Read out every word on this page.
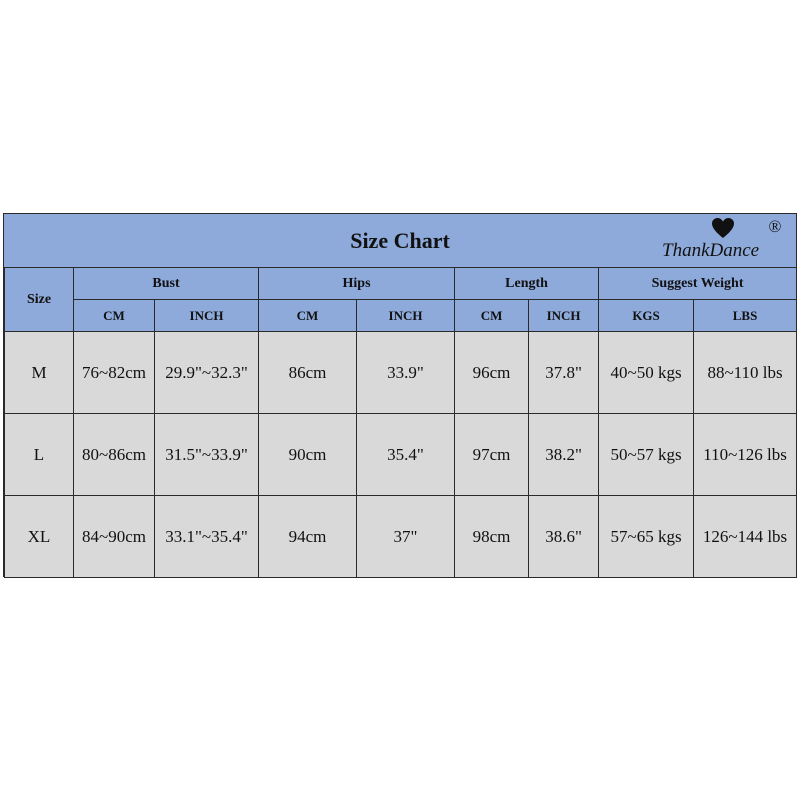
Size Chart
®
ThankDance
Size	Bust		Hips		Length		Suggest Weight	
	CM	INCH	CM	INCH	CM	INCH	KGS	LBS
M	76~82cm	29.9"~32.3"	86cm	33.9"	96cm	37.8"	40~50 kgs	88~110 lbs
L	80~86cm	31.5"~33.9"	90cm	35.4"	97cm	38.2"	50~57 kgs	110~126 lbs
XL	84~90cm	33.1"~35.4"	94cm	37"	98cm	38.6"	57~65 kgs	126~144 lbs
